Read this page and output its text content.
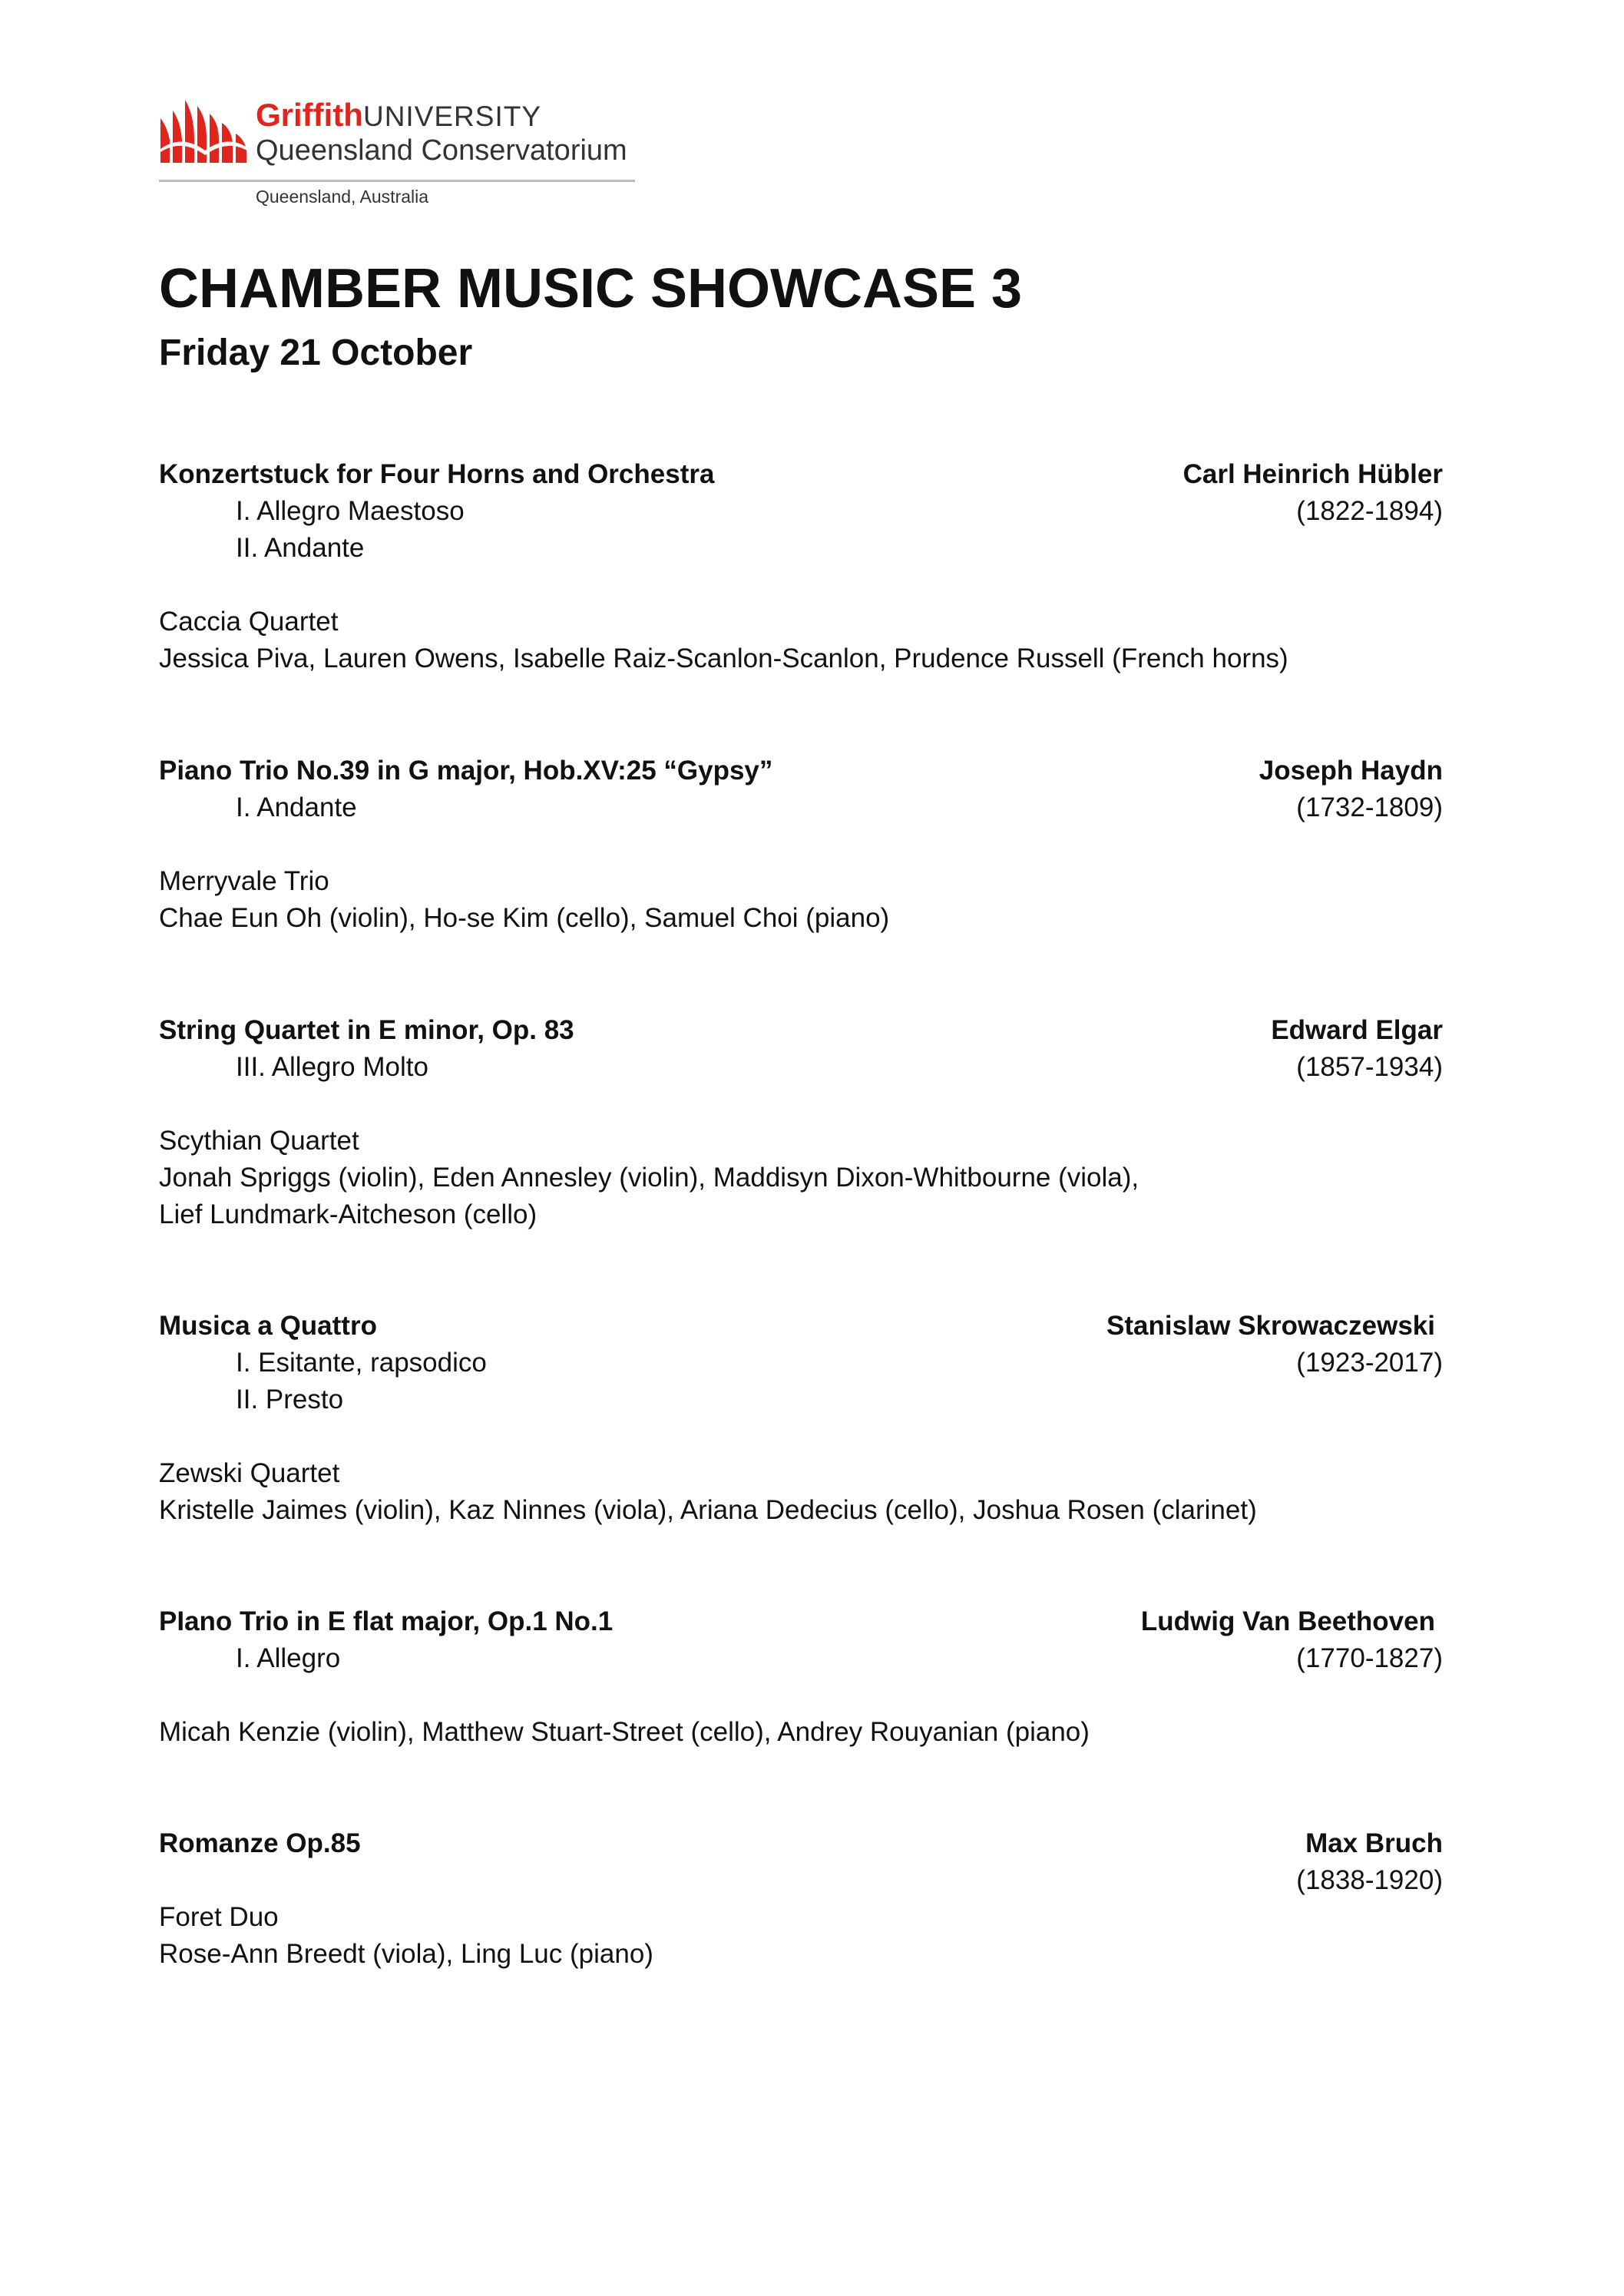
GriffithUNIVERSITY
Queensland Conservatorium
Queensland, Australia
CHAMBER MUSIC SHOWCASE 3
Friday 21 October
Konzertstuck for Four Horns and Orchestra	Carl Heinrich Hübler
I. Allegro Maestoso	(1822-1894)
II. Andante
Caccia Quartet
Jessica Piva, Lauren Owens, Isabelle Raiz-Scanlon-Scanlon, Prudence Russell (French horns)
Piano Trio No.39 in G major, Hob.XV:25 “Gypsy”	Joseph Haydn
I. Andante	(1732-1809)
Merryvale Trio
Chae Eun Oh (violin), Ho-se Kim (cello), Samuel Choi (piano)
String Quartet in E minor, Op. 83	Edward Elgar
III. Allegro Molto	(1857-1934)
Scythian Quartet
Jonah Spriggs (violin), Eden Annesley (violin), Maddisyn Dixon-Whitbourne (viola),
Lief Lundmark-Aitcheson (cello)
Musica a Quattro	Stanislaw Skrowaczewski
I. Esitante, rapsodico	(1923-2017)
II. Presto
Zewski Quartet
Kristelle Jaimes (violin), Kaz Ninnes (viola), Ariana Dedecius (cello), Joshua Rosen (clarinet)
PIano Trio in E flat major, Op.1 No.1	Ludwig Van Beethoven
I. Allegro	(1770-1827)
Micah Kenzie (violin), Matthew Stuart-Street (cello), Andrey Rouyanian (piano)
Romanze Op.85	Max Bruch
(1838-1920)
Foret Duo
Rose-Ann Breedt (viola), Ling Luc (piano)
